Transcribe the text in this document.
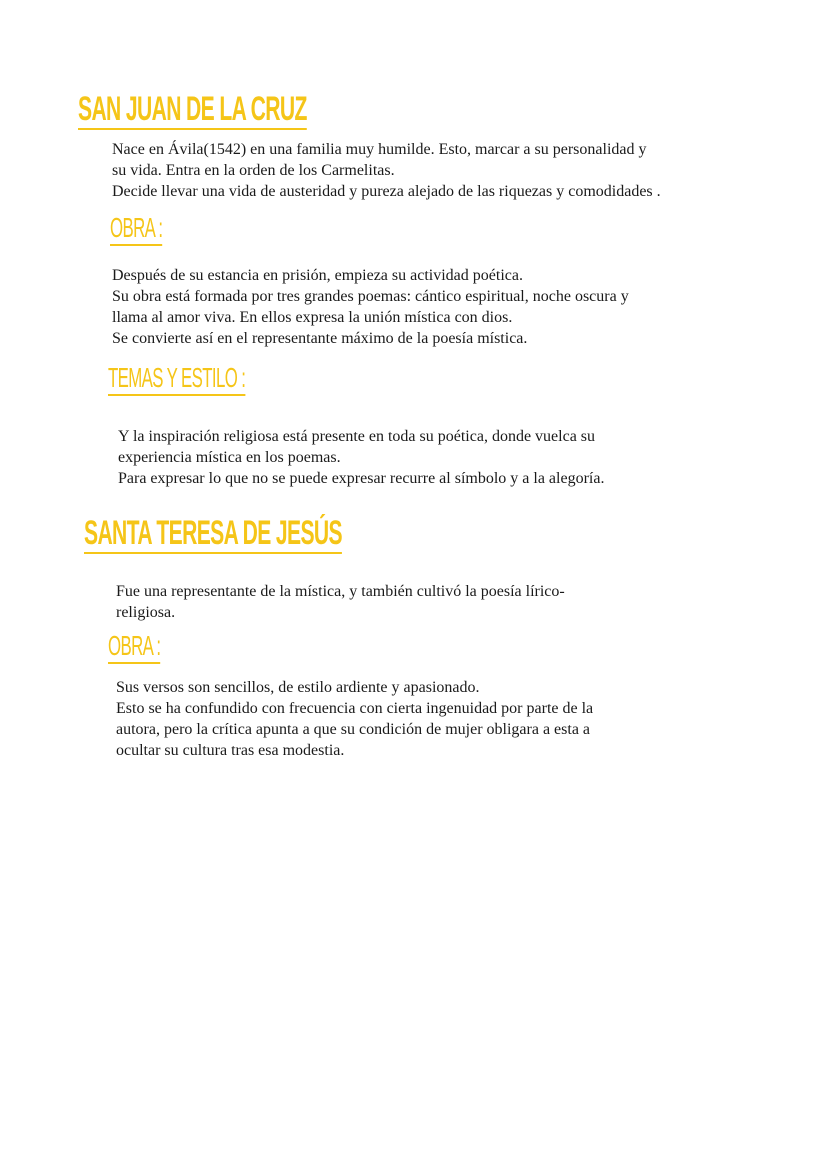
SAN JUAN DE LA CRUZ
Nace en Ávila(1542) en una familia muy humilde. Esto, marcar a su personalidad y
su vida. Entra en la orden de los Carmelitas.
Decide llevar una vida de austeridad y pureza alejado de las riquezas y comodidades .
OBRA :
Después de su estancia en prisión, empieza su actividad poética.
Su obra está formada por tres grandes poemas: cántico espiritual, noche oscura y
llama al amor viva. En ellos expresa la unión mística con dios.
Se convierte así en el representante máximo de la poesía mística.
TEMAS Y ESTILO :
Y la inspiración religiosa está presente en toda su poética, donde vuelca su
experiencia mística en los poemas.
Para expresar lo que no se puede expresar recurre al símbolo y a la alegoría.
SANTA TERESA DE JESÚS
Fue una representante de la mística, y también cultivó la poesía lírico-
religiosa.
OBRA :
Sus versos son sencillos, de estilo ardiente y apasionado.
Esto se ha confundido con frecuencia con cierta ingenuidad por parte de la
autora, pero la crítica apunta a que su condición de mujer obligara a esta a
ocultar su cultura tras esa modestia.
